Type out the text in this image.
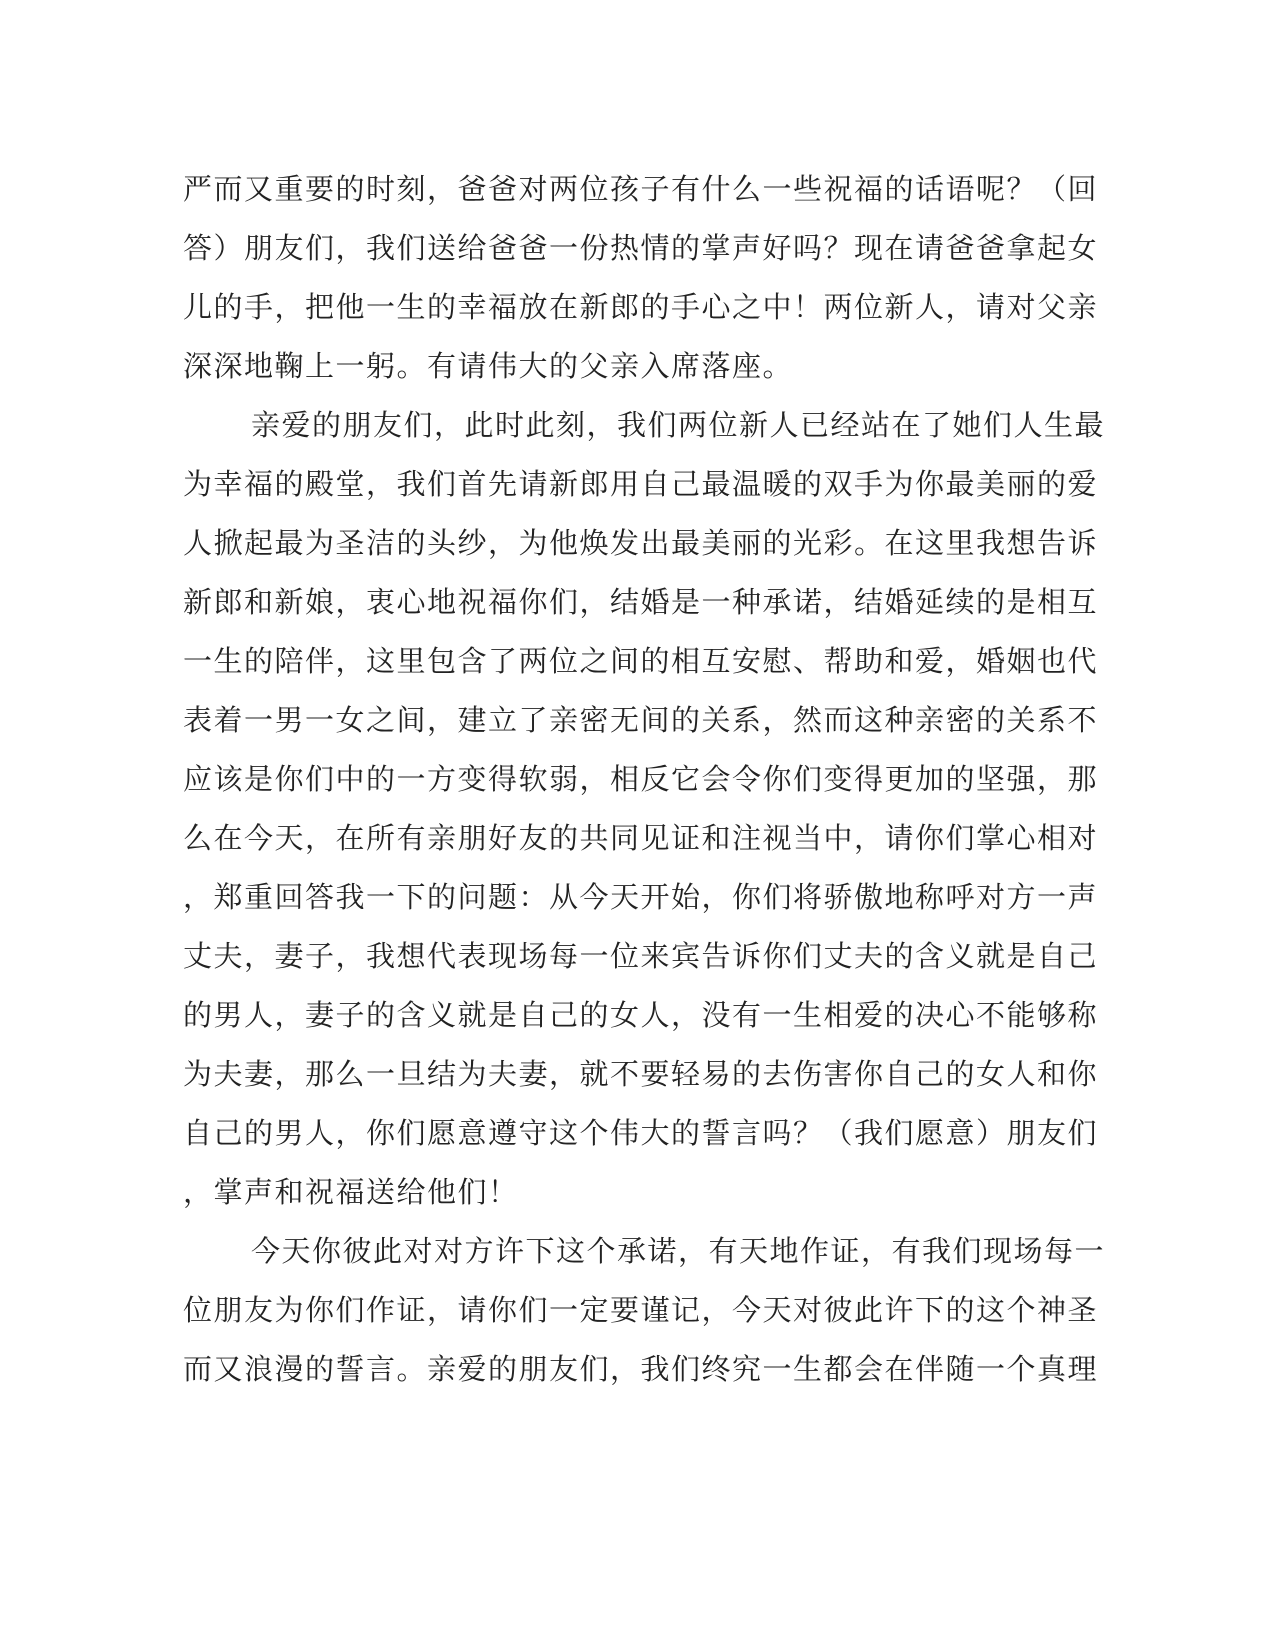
严而又重要的时刻，爸爸对两位孩子有什么一些祝福的话语呢？（回
答）朋友们，我们送给爸爸一份热情的掌声好吗？现在请爸爸拿起女
儿的手，把他一生的幸福放在新郎的手心之中！两位新人，请对父亲
深深地鞠上一躬。有请伟大的父亲入席落座。
亲爱的朋友们，此时此刻，我们两位新人已经站在了她们人生最
为幸福的殿堂，我们首先请新郎用自己最温暖的双手为你最美丽的爱
人掀起最为圣洁的头纱，为他焕发出最美丽的光彩。在这里我想告诉
新郎和新娘，衷心地祝福你们，结婚是一种承诺，结婚延续的是相互
一生的陪伴，这里包含了两位之间的相互安慰、帮助和爱，婚姻也代
表着一男一女之间，建立了亲密无间的关系，然而这种亲密的关系不
应该是你们中的一方变得软弱，相反它会令你们变得更加的坚强，那
么在今天，在所有亲朋好友的共同见证和注视当中，请你们掌心相对
，郑重回答我一下的问题：从今天开始，你们将骄傲地称呼对方一声
丈夫，妻子，我想代表现场每一位来宾告诉你们丈夫的含义就是自己
的男人，妻子的含义就是自己的女人，没有一生相爱的决心不能够称
为夫妻，那么一旦结为夫妻，就不要轻易的去伤害你自己的女人和你
自己的男人，你们愿意遵守这个伟大的誓言吗？（我们愿意）朋友们
，掌声和祝福送给他们！
今天你彼此对对方许下这个承诺，有天地作证，有我们现场每一
位朋友为你们作证，请你们一定要谨记，今天对彼此许下的这个神圣
而又浪漫的誓言。亲爱的朋友们，我们终究一生都会在伴随一个真理
